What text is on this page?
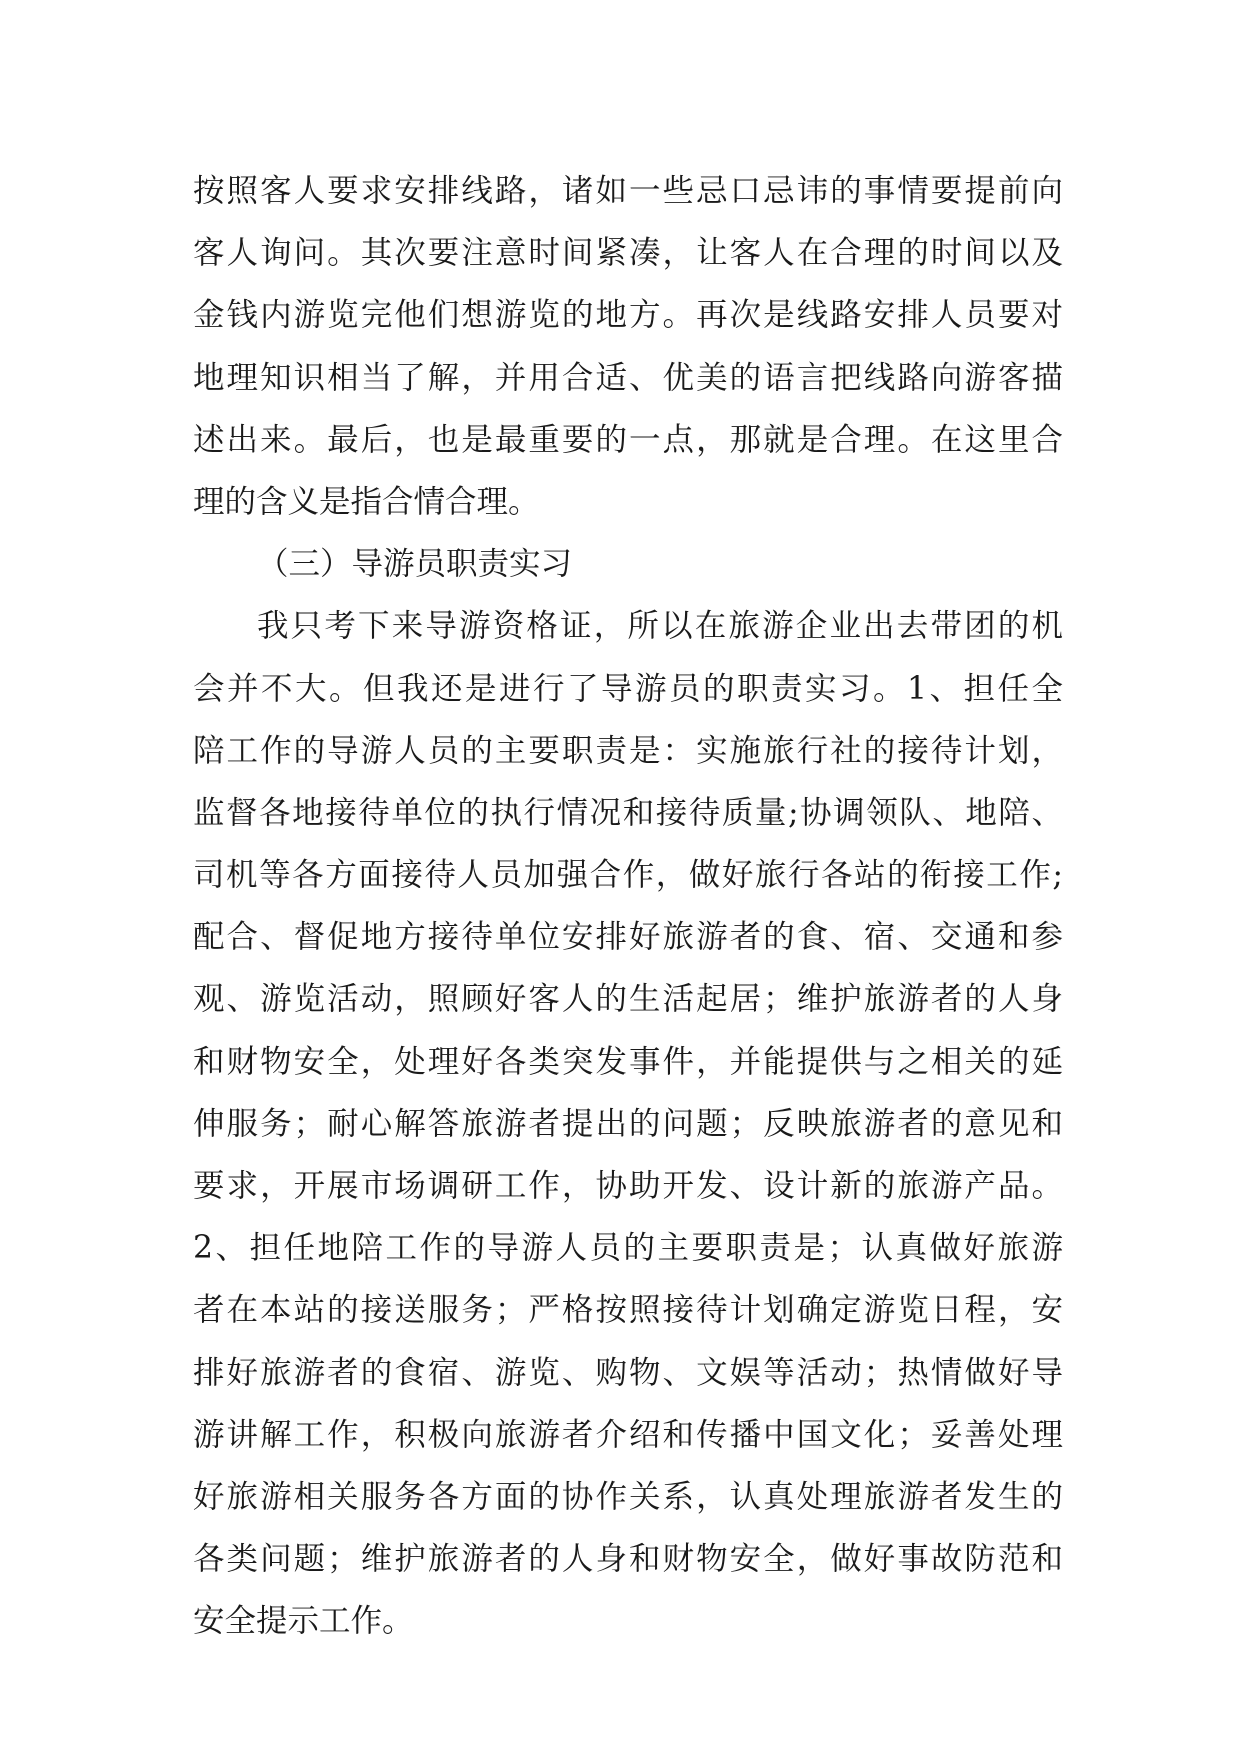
按照客人要求安排线路，诸如一些忌口忌讳的事情要提前向
客人询问。其次要注意时间紧凑，让客人在合理的时间以及
金钱内游览完他们想游览的地方。再次是线路安排人员要对
地理知识相当了解，并用合适、优美的语言把线路向游客描
述出来。最后，也是最重要的一点，那就是合理。在这里合
理的含义是指合情合理。
（三）导游员职责实习
我只考下来导游资格证，所以在旅游企业出去带团的机
会并不大。但我还是进行了导游员的职责实习。1、担任全
陪工作的导游人员的主要职责是：实施旅行社的接待计划，
监督各地接待单位的执行情况和接待质量;协调领队、地陪、
司机等各方面接待人员加强合作，做好旅行各站的衔接工作;
配合、督促地方接待单位安排好旅游者的食、宿、交通和参
观、游览活动，照顾好客人的生活起居；维护旅游者的人身
和财物安全，处理好各类突发事件，并能提供与之相关的延
伸服务；耐心解答旅游者提出的问题；反映旅游者的意见和
要求，开展市场调研工作，协助开发、设计新的旅游产品。
2、担任地陪工作的导游人员的主要职责是；认真做好旅游
者在本站的接送服务；严格按照接待计划确定游览日程，安
排好旅游者的食宿、游览、购物、文娱等活动；热情做好导
游讲解工作，积极向旅游者介绍和传播中国文化；妥善处理
好旅游相关服务各方面的协作关系，认真处理旅游者发生的
各类问题；维护旅游者的人身和财物安全，做好事故防范和
安全提示工作。
